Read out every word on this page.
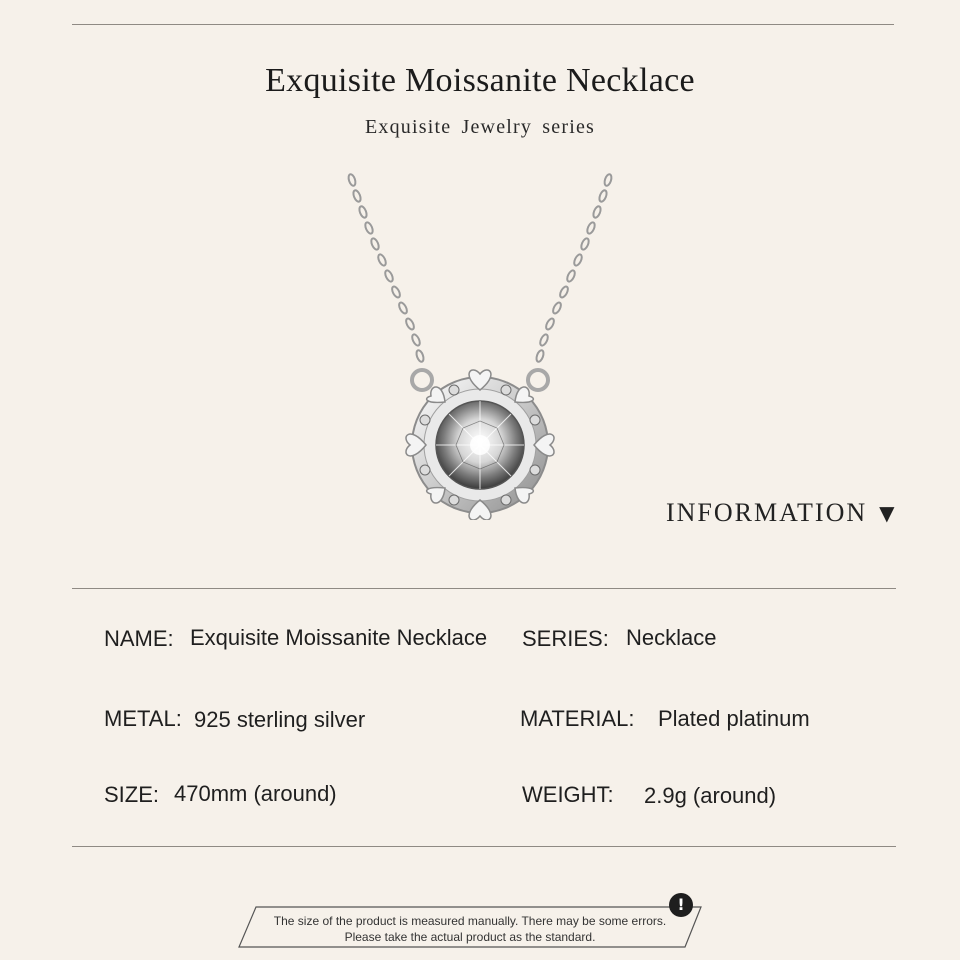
Exquisite Moissanite Necklace
Exquisite Jewelry series
INFORMATION ▼
NAME: Exquisite Moissanite Necklace SERIES: Necklace
METAL: 925 sterling silver	MATERIAL: Plated platinum
SIZE: 470mm (around)	WEIGHT: 2.9g (around)
The size of the product is measured manually. There may be some errors.
Please take the actual product as the standard.
!
